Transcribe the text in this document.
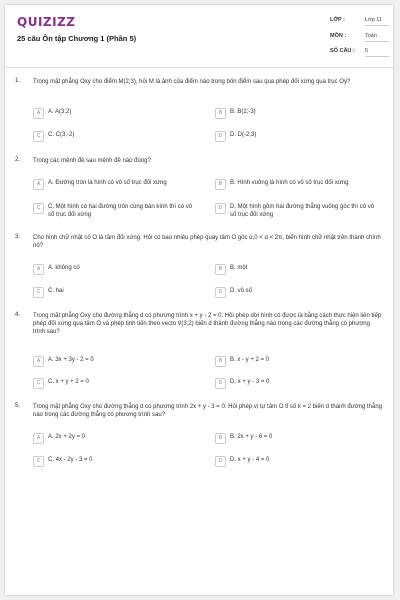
QUIZIZZ
25 câu Ôn tập Chương 1 (Phần 5)
LỚP :	Lớp 11
MÔN :	Toán
SỐ CÂU : 5
1. Trong mặt phẳng Oxy cho điểm M(2;3), hỏi M là ảnh của điểm nào trong bốn điểm sau qua phép đối xứng qua trục Oy?
A	A. A(3;2)	B	B. B(2;-3)
C	C. C(3;-2)	D	D. D(-2;3)
2. Trong các mệnh đề sau mệnh đề nào đúng?
A	A. Đường tròn là hình có vô số trục đối xứng	B	B. Hình vuông là hình có vô số trục đối xứng
C	C. Một hình có hai đường tròn cùng bán kính thì có vô số trục đối xứng
D	D. Một hình gồm hai đường thẳng vuông góc thì có vô số trục đối xứng
3. Cho hình chữ nhật có O là tâm đối xứng. Hỏi có bao nhiêu phép quay tâm O góc α,0 < α < 2π, biến hình chữ nhật trên thành chính nó?
A	A. không có	B	B. một
C	C. hai	D	D. vô số
4. Trong mặt phẳng Oxy cho đường thẳng d có phương trình x + y - 2 = 0. Hỏi phép dời hình có được là bằng cách thực hiện liên tiếp phép đối xứng qua tâm O và phép tịnh tiến theo vecto v⃗(3;2) biến d thành đường thẳng nào trong các đường thẳng có phương trình sau?
A	A. 3x + 3y - 2 = 0	B	B. x - y + 2 = 0
C	C. x + y + 2 = 0	D	D. x + y - 3 = 0
5. Trong mặt phẳng Oxy cho đường thẳng d có phương trình 2x + y - 3 = 0. Hỏi phép vị tự tâm O tỉ số k = 2 biến d thành đường thẳng nào trong các đường thẳng có phương trình sau?
A	A. 2x + 2y = 0	B	B. 2x + y - 6 = 0
C	C. 4x - 2y - 3 = 0	D	D. x + y - 4 = 0
